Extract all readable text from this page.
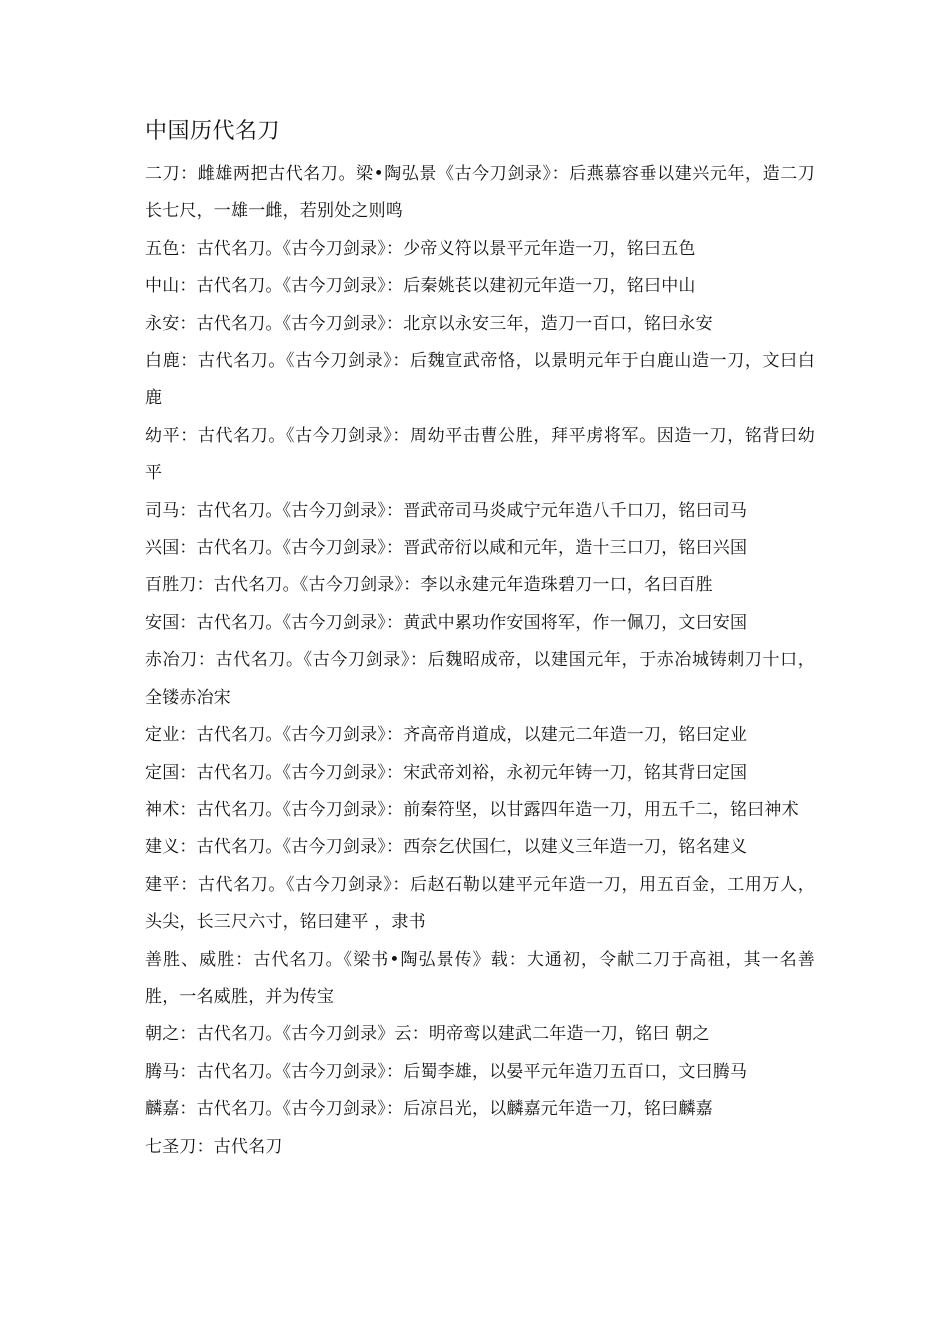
中国历代名刀

二刀：雌雄两把古代名刀。梁•陶弘景《古今刀剑录》：后燕慕容垂以建兴元年，造二刀长七尺，一雄一雌，若别处之则鸣

五色：古代名刀。《古今刀剑录》：少帝义符以景平元年造一刀，铭曰五色

中山：古代名刀。《古今刀剑录》：后秦姚苌以建初元年造一刀，铭曰中山

永安：古代名刀。《古今刀剑录》：北京以永安三年，造刀一百口，铭曰永安

白鹿：古代名刀。《古今刀剑录》：后魏宣武帝恪，以景明元年于白鹿山造一刀，文曰白鹿

幼平：古代名刀。《古今刀剑录》：周幼平击曹公胜，拜平虏将军。因造一刀，铭背曰幼平

司马：古代名刀。《古今刀剑录》：晋武帝司马炎咸宁元年造八千口刀，铭曰司马

兴国：古代名刀。《古今刀剑录》：晋武帝衍以咸和元年，造十三口刀，铭曰兴国

百胜刀：古代名刀。《古今刀剑录》：李以永建元年造珠碧刀一口，名曰百胜

安国：古代名刀。《古今刀剑录》：黄武中累功作安国将军，作一佩刀，文曰安国

赤冶刀：古代名刀。《古今刀剑录》：后魏昭成帝，以建国元年，于赤冶城铸刺刀十口，全镂赤冶宋

定业：古代名刀。《古今刀剑录》：齐高帝肖道成，以建元二年造一刀，铭曰定业

定国：古代名刀。《古今刀剑录》：宋武帝刘裕，永初元年铸一刀，铭其背曰定国

神术：古代名刀。《古今刀剑录》：前秦符坚，以甘露四年造一刀，用五千二，铭曰神术

建义：古代名刀。《古今刀剑录》：西奈乞伏国仁，以建义三年造一刀，铭名建义

建平：古代名刀。《古今刀剑录》：后赵石勒以建平元年造一刀，用五百金，工用万人，头尖，长三尺六寸，铭曰建平 ，隶书

善胜、威胜：古代名刀。《梁书•陶弘景传》载：大通初，令献二刀于高祖，其一名善胜，一名威胜，并为传宝

朝之：古代名刀。《古今刀剑录》云：明帝鸾以建武二年造一刀，铭曰 朝之

腾马：古代名刀。《古今刀剑录》：后蜀李雄，以晏平元年造刀五百口，文曰腾马

麟嘉：古代名刀。《古今刀剑录》：后凉吕光，以麟嘉元年造一刀，铭曰麟嘉

七圣刀：古代名刀
